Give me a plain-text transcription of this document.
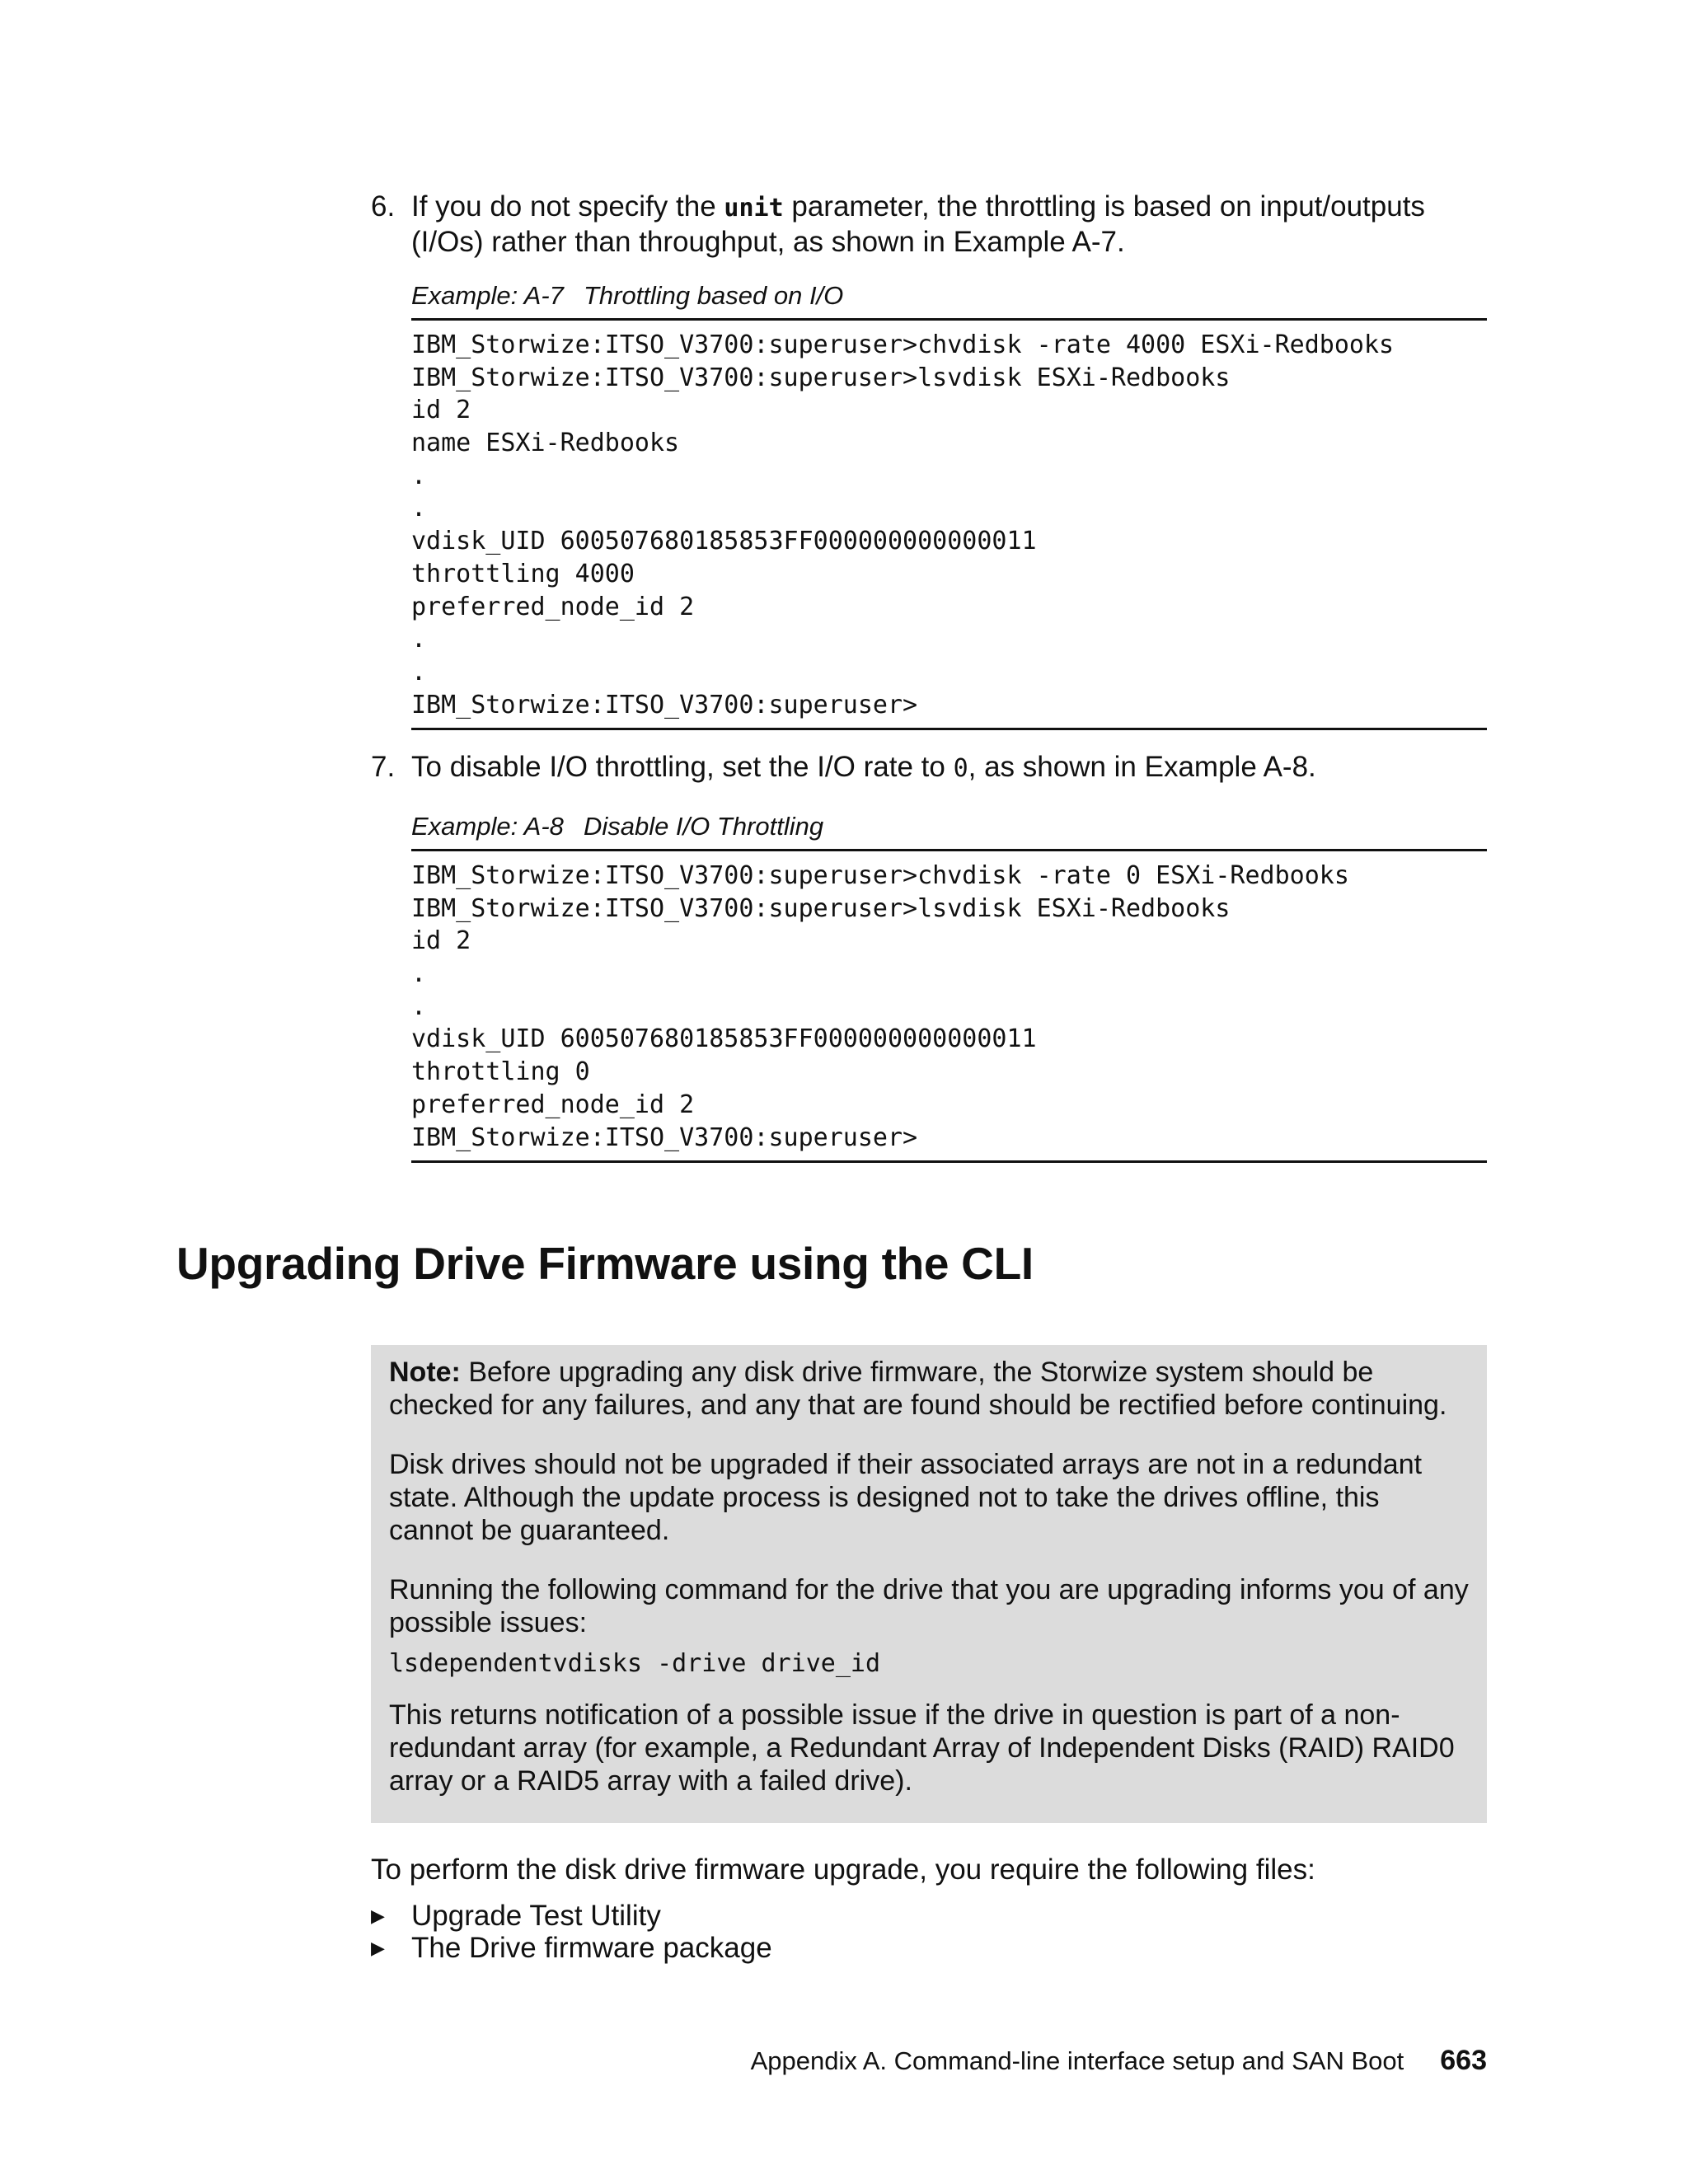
6. If you do not specify the unit parameter, the throttling is based on input/outputs (I/Os) rather than throughput, as shown in Example A-7.
Example: A-7 Throttling based on I/O
IBM_Storwize:ITSO_V3700:superuser>chvdisk -rate 4000 ESXi-Redbooks
IBM_Storwize:ITSO_V3700:superuser>lsvdisk ESXi-Redbooks
id 2
name ESXi-Redbooks
.
.
vdisk_UID 600507680185853FF000000000000011
throttling 4000
preferred_node_id 2
.
.
IBM_Storwize:ITSO_V3700:superuser>
7. To disable I/O throttling, set the I/O rate to 0, as shown in Example A-8.
Example: A-8 Disable I/O Throttling
IBM_Storwize:ITSO_V3700:superuser>chvdisk -rate 0 ESXi-Redbooks
IBM_Storwize:ITSO_V3700:superuser>lsvdisk ESXi-Redbooks
id 2
.
.
vdisk_UID 600507680185853FF000000000000011
throttling 0
preferred_node_id 2
IBM_Storwize:ITSO_V3700:superuser>
Upgrading Drive Firmware using the CLI

Note: Before upgrading any disk drive firmware, the Storwize system should be checked for any failures, and any that are found should be rectified before continuing.

Disk drives should not be upgraded if their associated arrays are not in a redundant state. Although the update process is designed not to take the drives offline, this cannot be guaranteed.

Running the following command for the drive that you are upgrading informs you of any possible issues:

lsdependentvdisks -drive drive_id

This returns notification of a possible issue if the drive in question is part of a non-redundant array (for example, a Redundant Array of Independent Disks (RAID) RAID0 array or a RAID5 array with a failed drive).

To perform the disk drive firmware upgrade, you require the following files:
▶ Upgrade Test Utility
▶ The Drive firmware package
Appendix A. Command-line interface setup and SAN Boot 663
